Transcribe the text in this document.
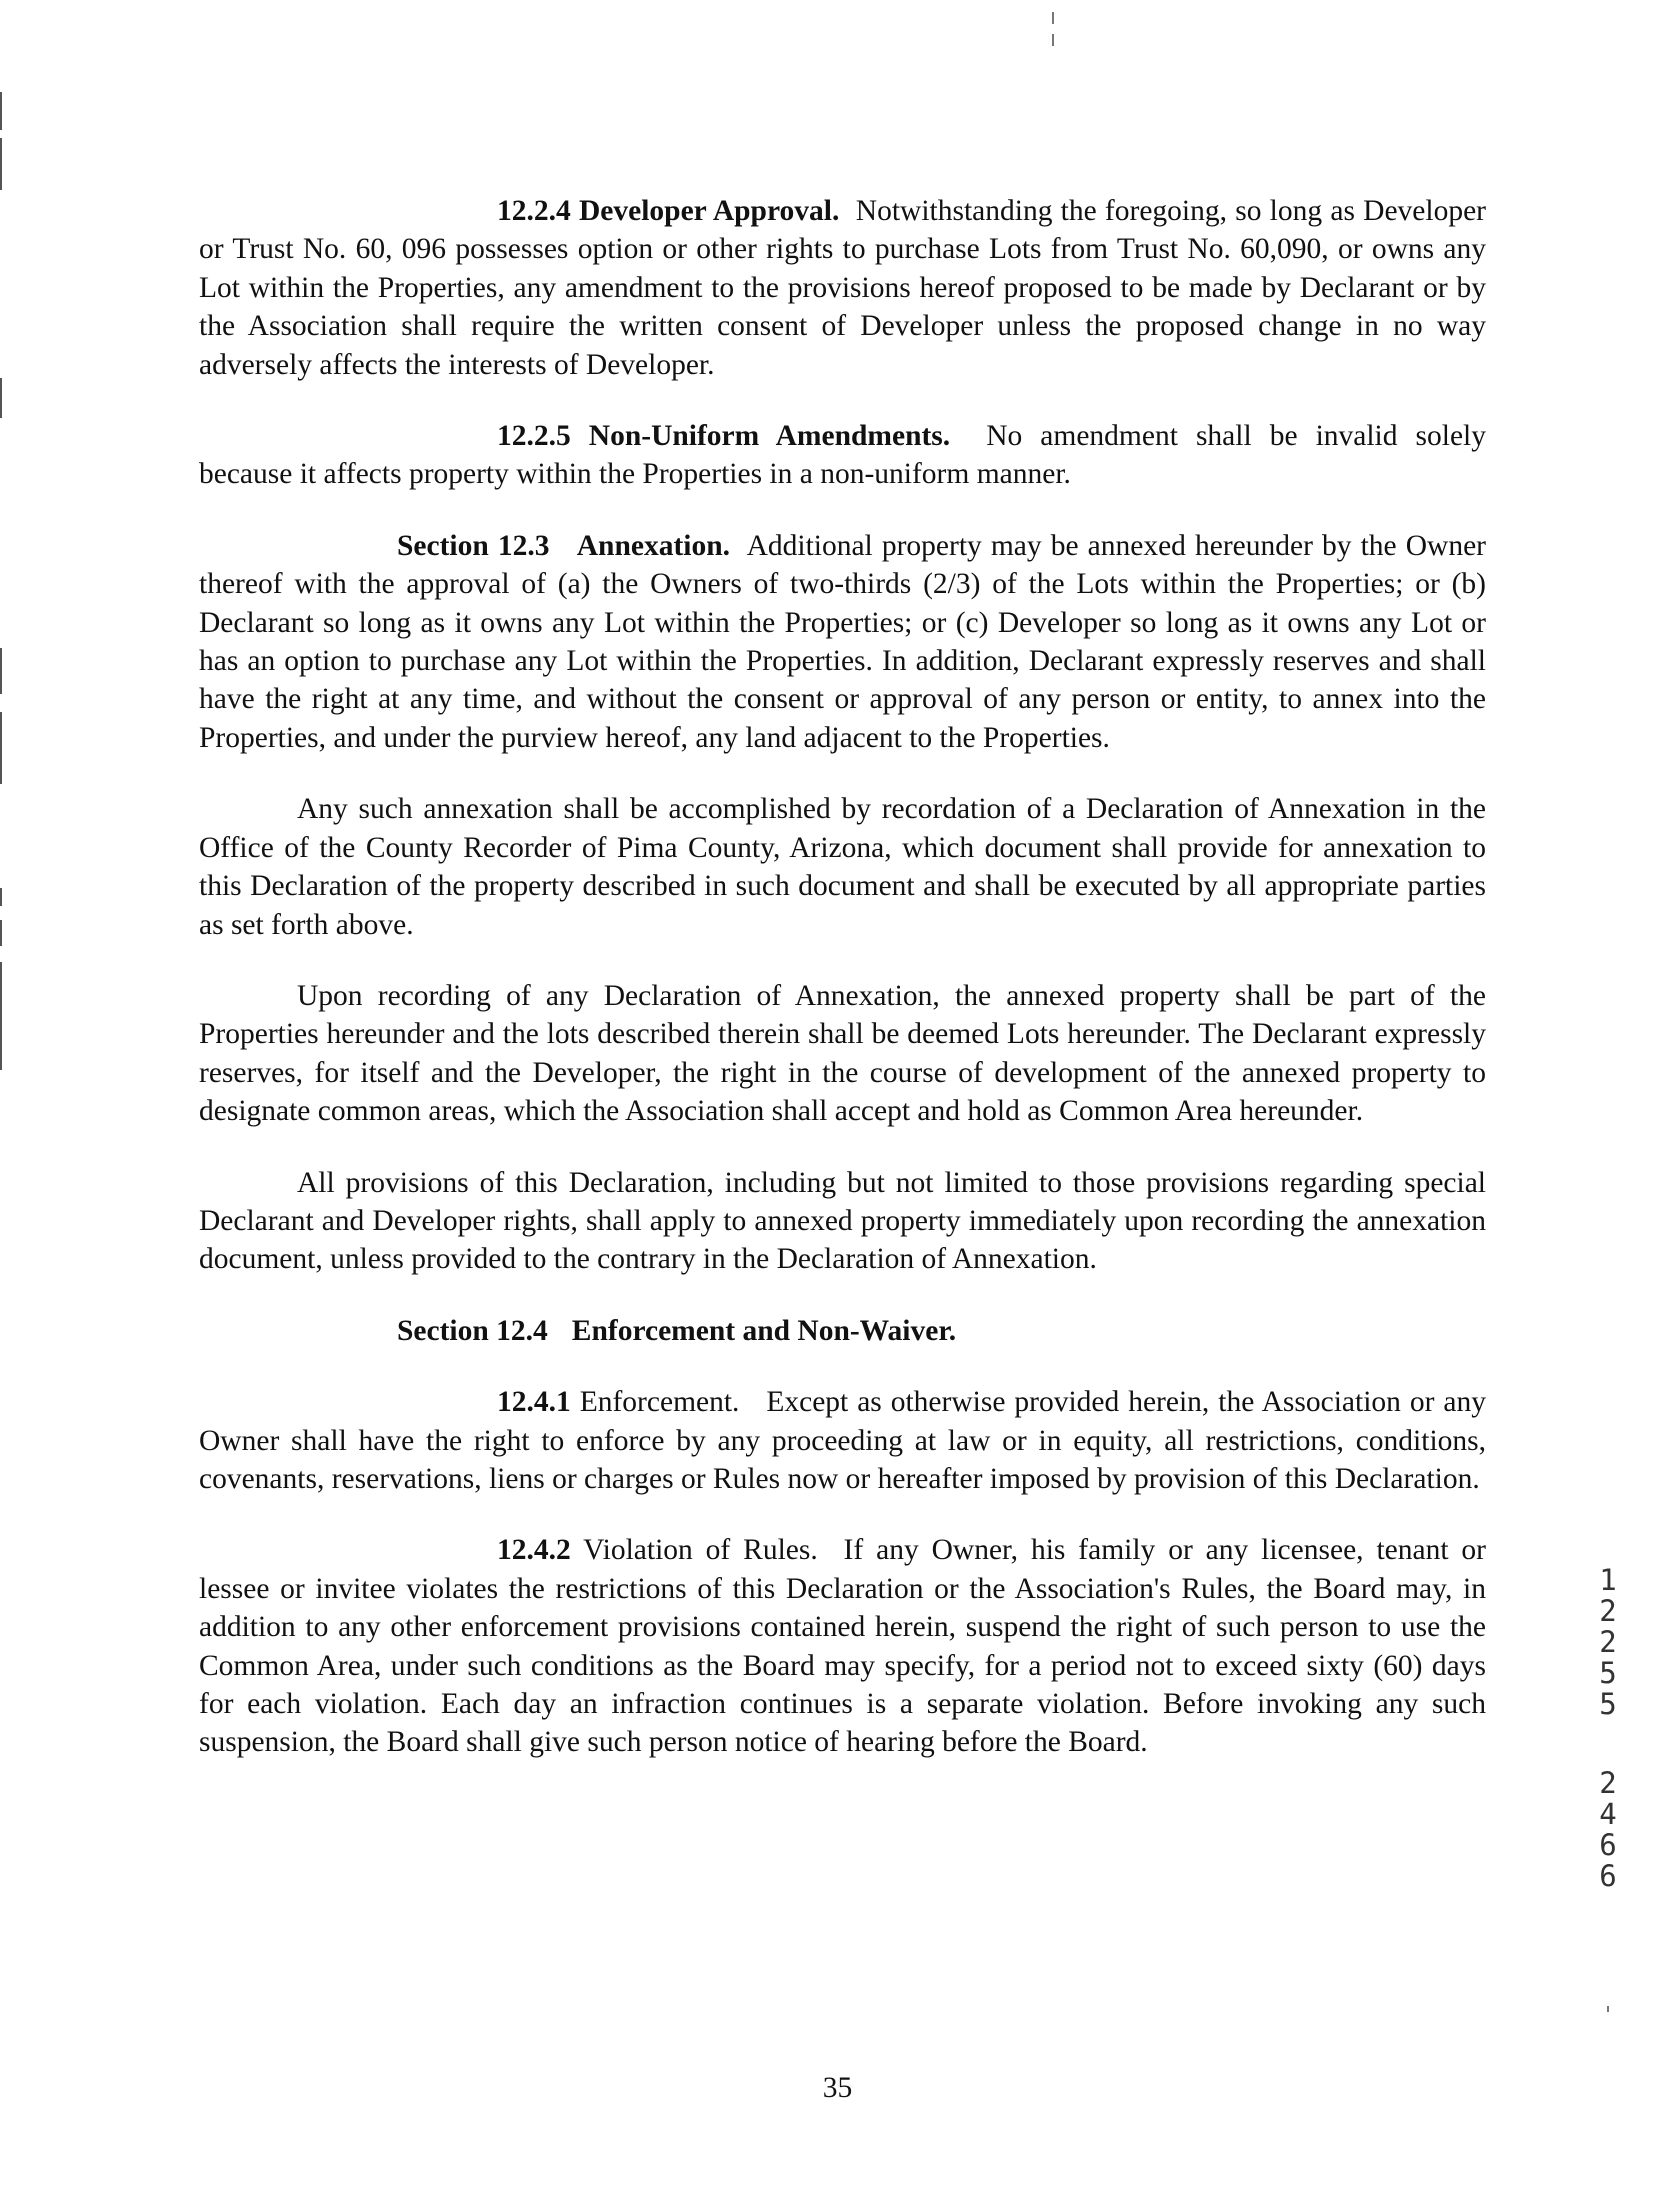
12.2.4 Developer Approval. Notwithstanding the foregoing, so long as Developer or Trust No. 60, 096 possesses option or other rights to purchase Lots from Trust No. 60,090, or owns any Lot within the Properties, any amendment to the provisions hereof proposed to be made by Declarant or by the Association shall require the written consent of Developer unless the proposed change in no way adversely affects the interests of Developer.

12.2.5 Non-Uniform Amendments. No amendment shall be invalid solely because it affects property within the Properties in a non-uniform manner.

Section 12.3 Annexation. Additional property may be annexed hereunder by the Owner thereof with the approval of (a) the Owners of two-thirds (2/3) of the Lots within the Properties; or (b) Declarant so long as it owns any Lot within the Properties; or (c) Developer so long as it owns any Lot or has an option to purchase any Lot within the Properties. In addition, Declarant expressly reserves and shall have the right at any time, and without the consent or approval of any person or entity, to annex into the Properties, and under the purview hereof, any land adjacent to the Properties.

Any such annexation shall be accomplished by recordation of a Declaration of Annexation in the Office of the County Recorder of Pima County, Arizona, which document shall provide for annexation to this Declaration of the property described in such document and shall be executed by all appropriate parties as set forth above.

Upon recording of any Declaration of Annexation, the annexed property shall be part of the Properties hereunder and the lots described therein shall be deemed Lots hereunder. The Declarant expressly reserves, for itself and the Developer, the right in the course of development of the annexed property to designate common areas, which the Association shall accept and hold as Common Area hereunder.

All provisions of this Declaration, including but not limited to those provisions regarding special Declarant and Developer rights, shall apply to annexed property immediately upon recording the annexation document, unless provided to the contrary in the Declaration of Annexation.

Section 12.4 Enforcement and Non-Waiver.

12.4.1 Enforcement. Except as otherwise provided herein, the Association or any Owner shall have the right to enforce by any proceeding at law or in equity, all restrictions, conditions, covenants, reservations, liens or charges or Rules now or hereafter imposed by provision of this Declaration.

12.4.2 Violation of Rules. If any Owner, his family or any licensee, tenant or lessee or invitee violates the restrictions of this Declaration or the Association's Rules, the Board may, in addition to any other enforcement provisions contained herein, suspend the right of such person to use the Common Area, under such conditions as the Board may specify, for a period not to exceed sixty (60) days for each violation. Each day an infraction continues is a separate violation. Before invoking any such suspension, the Board shall give such person notice of hearing before the Board.

1
2
2
5
5
2
4
6
6
35
